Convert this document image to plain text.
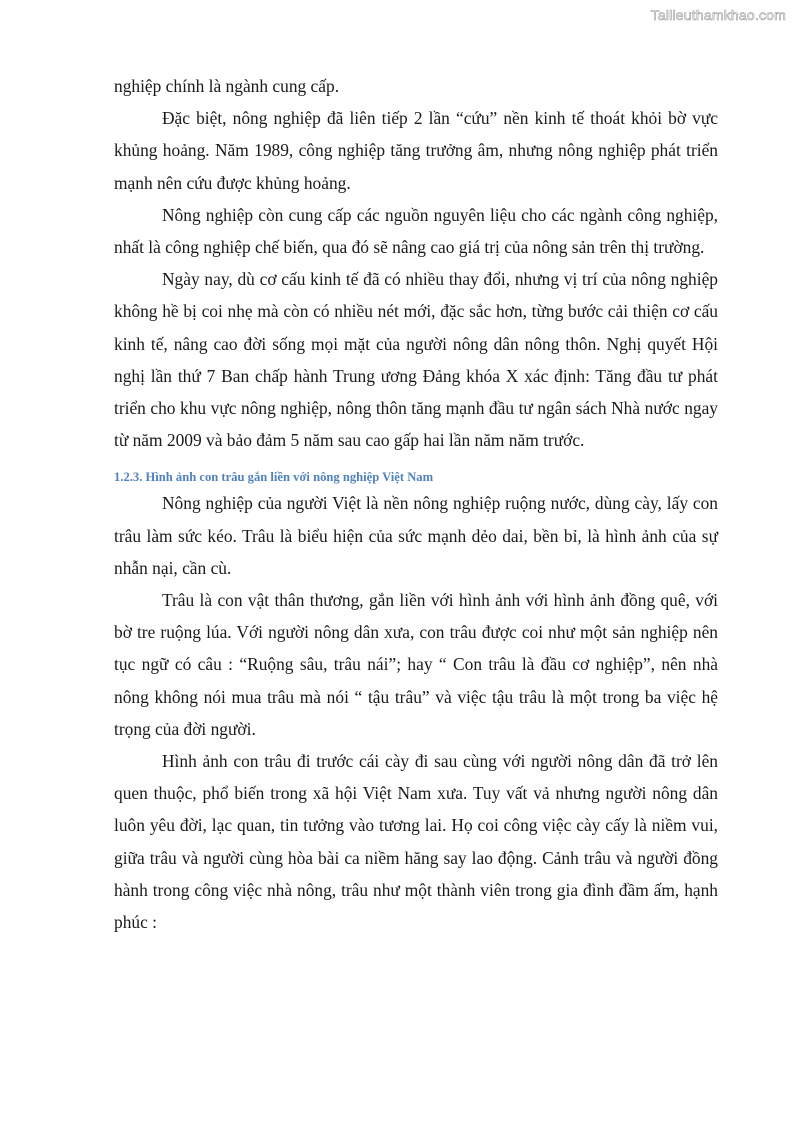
Tailieuthamkhao.com

nghiệp chính là ngành cung cấp.

Đặc biệt, nông nghiệp đã liên tiếp 2 lần “cứu” nền kinh tế thoát khỏi bờ vực khủng hoảng. Năm 1989, công nghiệp tăng trưởng âm, nhưng nông nghiệp phát triển mạnh nên cứu được khủng hoảng.

Nông nghiệp còn cung cấp các nguồn nguyên liệu cho các ngành công nghiệp, nhất là công nghiệp chế biến, qua đó sẽ nâng cao giá trị của nông sản trên thị trường.

Ngày nay, dù cơ cấu kinh tế đã có nhiều thay đổi, nhưng vị trí của nông nghiệp không hề bị coi nhẹ mà còn có nhiều nét mới, đặc sắc hơn, từng bước cải thiện cơ cấu kinh tế, nâng cao đời sống mọi mặt của người nông dân nông thôn. Nghị quyết Hội nghị lần thứ 7 Ban chấp hành Trung ương Đảng khóa X xác định: Tăng đầu tư phát triển cho khu vực nông nghiệp, nông thôn tăng mạnh đầu tư ngân sách Nhà nước ngay từ năm 2009 và bảo đảm 5 năm sau cao gấp hai lần năm năm trước.

1.2.3. Hình ảnh con trâu gắn liền với nông nghiệp Việt Nam

Nông nghiệp của người Việt là nền nông nghiệp ruộng nước, dùng cày, lấy con trâu làm sức kéo. Trâu là biểu hiện của sức mạnh dẻo dai, bền bỉ, là hình ảnh của sự nhẫn nại, cần cù.

Trâu là con vật thân thương, gắn liền với hình ảnh với hình ảnh đồng quê, với bờ tre ruộng lúa. Với người nông dân xưa, con trâu được coi như một sản nghiệp nên tục ngữ có câu : “Ruộng sâu, trâu nái”; hay “ Con trâu là đầu cơ nghiệp”, nên nhà nông không nói mua trâu mà nói “ tậu trâu” và việc tậu trâu là một trong ba việc hệ trọng của đời người.

Hình ảnh con trâu đi trước cái cày đi sau cùng với người nông dân đã trở lên quen thuộc, phổ biến trong xã hội Việt Nam xưa. Tuy vất vả nhưng người nông dân luôn yêu đời, lạc quan, tin tưởng vào tương lai. Họ coi công việc cày cấy là niềm vui, giữa trâu và người cùng hòa bài ca niềm hăng say lao động. Cảnh trâu và người đồng hành trong công việc nhà nông, trâu như một thành viên trong gia đình đầm ấm, hạnh phúc :
